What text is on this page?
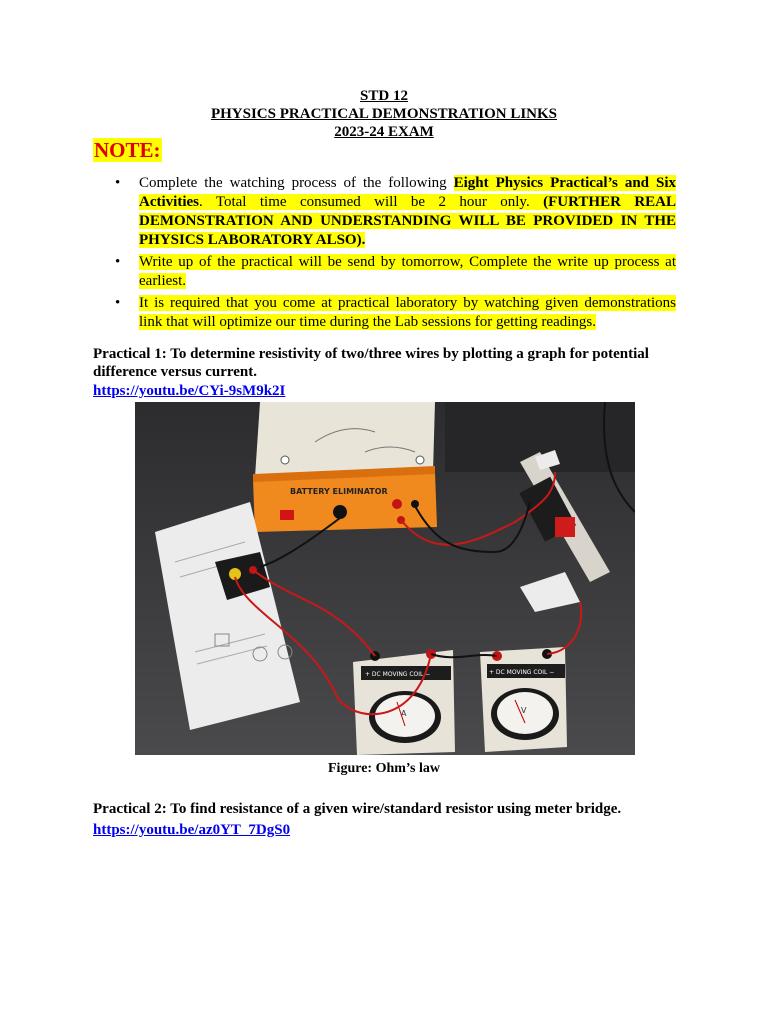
STD 12
PHYSICS PRACTICAL DEMONSTRATION LINKS
2023-24 EXAM
NOTE:
• Complete the watching process of the following Eight Physics Practical’s and Six Activities. Total time consumed will be 2 hour only. (FURTHER REAL DEMONSTRATION AND UNDERSTANDING WILL BE PROVIDED IN THE PHYSICS LABORATORY ALSO).
• Write up of the practical will be send by tomorrow, Complete the write up process at earliest.
• It is required that you come at practical laboratory by watching given demonstrations link that will optimize our time during the Lab sessions for getting readings.
Practical 1: To determine resistivity of two/three wires by plotting a graph for potential difference versus current.
https://youtu.be/CYi-9sM9k2I
BATTERY ELIMINATOR
+ DC MOVING COIL −
A
+ DC MOVING COIL −
V
Figure: Ohm’s law
Practical 2: To find resistance of a given wire/standard resistor using meter bridge.
https://youtu.be/az0YT_7DgS0
